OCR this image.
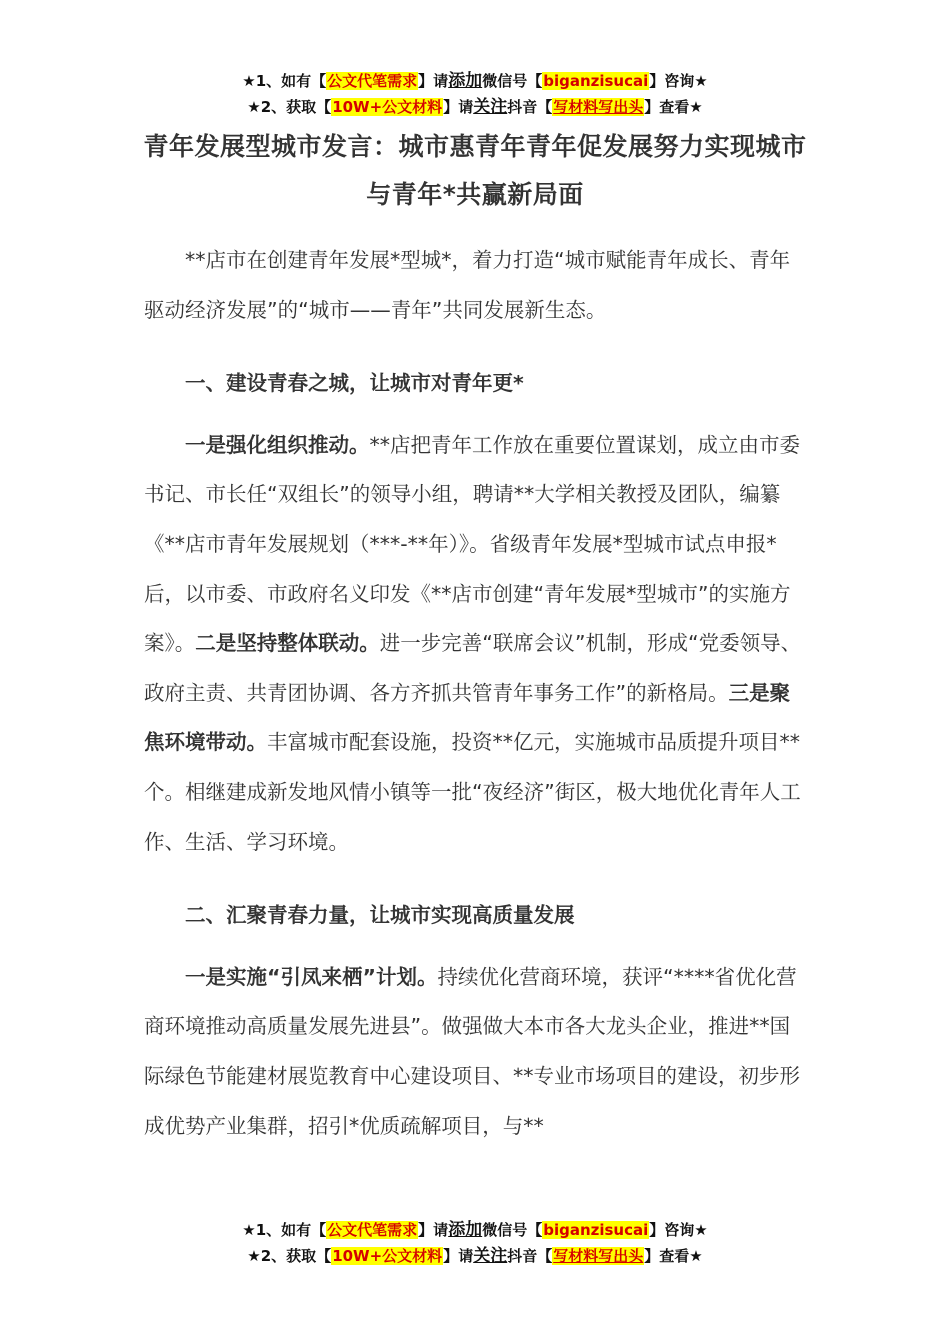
★1、如有【公文代笔需求】请添加微信号【biganzisucai】咨询★
★2、获取【10W+公文材料】请关注抖音【写材料写出头】查看★
青年发展型城市发言：城市惠青年青年促发展努力实现城市与青年*共赢新局面

**店市在创建青年发展*型城*，着力打造“城市赋能青年成长、青年驱动经济发展”的“城市——青年”共同发展新生态。

一、建设青春之城，让城市对青年更*

一是强化组织推动。**店把青年工作放在重要位置谋划，成立由市委书记、市长任“双组长”的领导小组，聘请**大学相关教授及团队，编纂《**店市青年发展规划（***-**年）》。省级青年发展*型城市试点申报*后，以市委、市政府名义印发《**店市创建“青年发展*型城市”的实施方案》。二是坚持整体联动。进一步完善“联席会议”机制，形成“党委领导、政府主责、共青团协调、各方齐抓共管青年事务工作”的新格局。三是聚焦环境带动。丰富城市配套设施，投资**亿元，实施城市品质提升项目**个。相继建成新发地风情小镇等一批“夜经济”街区，极大地优化青年人工作、生活、学习环境。

二、汇聚青春力量，让城市实现高质量发展

一是实施“引凤来栖”计划。持续优化营商环境，获评“****省优化营商环境推动高质量发展先进县”。做强做大本市各大龙头企业，推进**国际绿色节能建材展览教育中心建设项目、**专业市场项目的建设，初步形成优势产业集群，招引*优质疏解项目，与**

★1、如有【公文代笔需求】请添加微信号【biganzisucai】咨询★
★2、获取【10W+公文材料】请关注抖音【写材料写出头】查看★
